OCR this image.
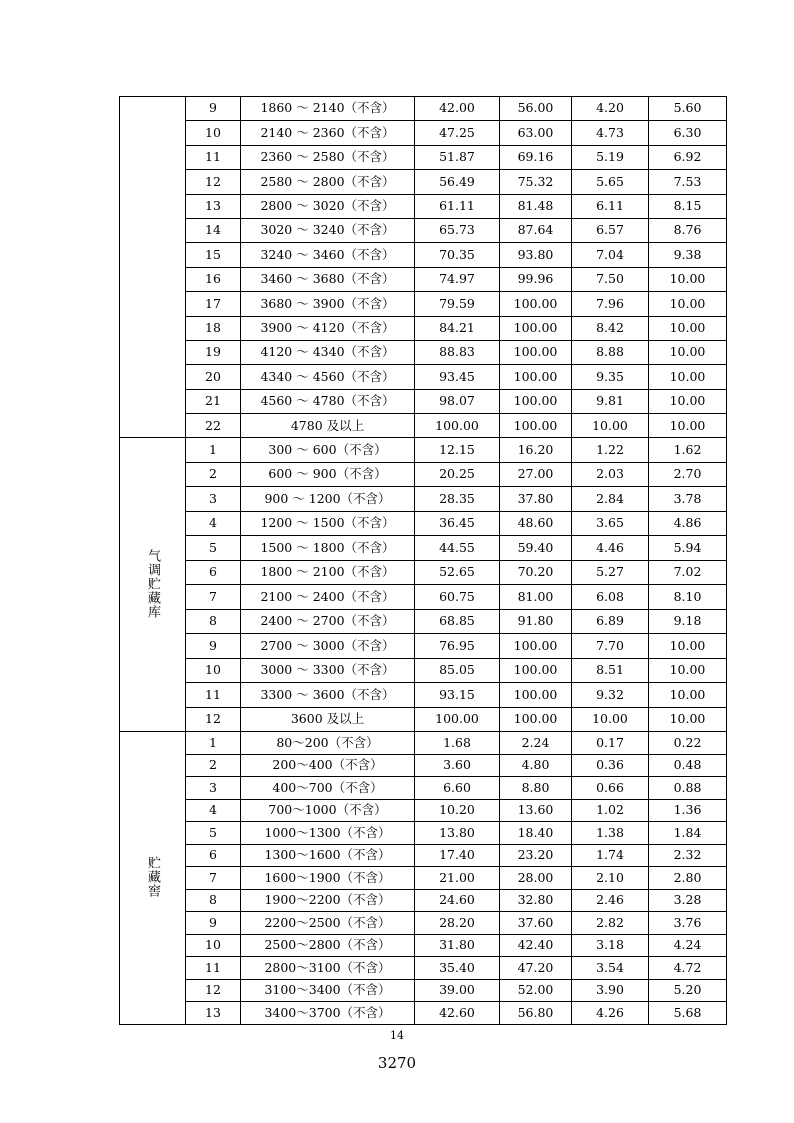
	9	1860 ～ 2140（不含）	42.00	56.00	4.20	5.60
	10	2140 ～ 2360（不含）	47.25	63.00	4.73	6.30
	11	2360 ～ 2580（不含）	51.87	69.16	5.19	6.92
	12	2580 ～ 2800（不含）	56.49	75.32	5.65	7.53
	13	2800 ～ 3020（不含）	61.11	81.48	6.11	8.15
	14	3020 ～ 3240（不含）	65.73	87.64	6.57	8.76
	15	3240 ～ 3460（不含）	70.35	93.80	7.04	9.38
	16	3460 ～ 3680（不含）	74.97	99.96	7.50	10.00
	17	3680 ～ 3900（不含）	79.59	100.00	7.96	10.00
	18	3900 ～ 4120（不含）	84.21	100.00	8.42	10.00
	19	4120 ～ 4340（不含）	88.83	100.00	8.88	10.00
	20	4340 ～ 4560（不含）	93.45	100.00	9.35	10.00
	21	4560 ～ 4780（不含）	98.07	100.00	9.81	10.00
	22	4780 及以上	100.00	100.00	10.00	10.00
气调贮藏库	1	300 ～ 600（不含）	12.15	16.20	1.22	1.62
	2	600 ～ 900（不含）	20.25	27.00	2.03	2.70
	3	900 ～ 1200（不含）	28.35	37.80	2.84	3.78
	4	1200 ～ 1500（不含）	36.45	48.60	3.65	4.86
	5	1500 ～ 1800（不含）	44.55	59.40	4.46	5.94
	6	1800 ～ 2100（不含）	52.65	70.20	5.27	7.02
	7	2100 ～ 2400（不含）	60.75	81.00	6.08	8.10
	8	2400 ～ 2700（不含）	68.85	91.80	6.89	9.18
	9	2700 ～ 3000（不含）	76.95	100.00	7.70	10.00
	10	3000 ～ 3300（不含）	85.05	100.00	8.51	10.00
	11	3300 ～ 3600（不含）	93.15	100.00	9.32	10.00
	12	3600 及以上	100.00	100.00	10.00	10.00
贮藏窖	1	80～200（不含）	1.68	2.24	0.17	0.22
	2	200～400（不含）	3.60	4.80	0.36	0.48
	3	400～700（不含）	6.60	8.80	0.66	0.88
	4	700～1000（不含）	10.20	13.60	1.02	1.36
	5	1000～1300（不含）	13.80	18.40	1.38	1.84
	6	1300～1600（不含）	17.40	23.20	1.74	2.32
	7	1600～1900（不含）	21.00	28.00	2.10	2.80
	8	1900～2200（不含）	24.60	32.80	2.46	3.28
	9	2200～2500（不含）	28.20	37.60	2.82	3.76
	10	2500～2800（不含）	31.80	42.40	3.18	4.24
	11	2800～3100（不含）	35.40	47.20	3.54	4.72
	12	3100～3400（不含）	39.00	52.00	3.90	5.20
	13	3400～3700（不含）	42.60	56.80	4.26	5.68
14
3270
